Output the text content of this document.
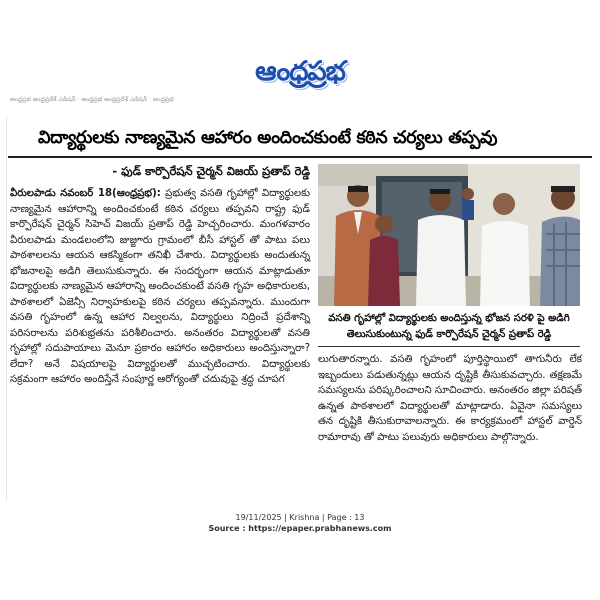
ఆంధ్రప్రభ
ఆంధ్రప్రభ ఆంధ్రప్రదేశ్ ఎడిషన్ · ఆంధ్రప్రభ ఆంధ్రప్రదేశ్ ఎడిషన్ · ఆంధ్రప్రభ
విద్యార్థులకు నాణ్యమైన ఆహారం అందించకుంటే కఠిన చర్యలు తప్పవు
- ఫుడ్ కార్పొరేషన్ చైర్మన్ విజయ్ ప్రతాప్ రెడ్డి

వీరులపాడు నవంబర్ 18(ఆంధ్రప్రభ): ప్రభుత్వ వసతి గృహాల్లో విద్యార్థులకు నాణ్యమైన ఆహారాన్ని అందించకుంటే కఠిన చర్యలు తప్పవని రాష్ట్ర ఫుడ్ కార్పొరేషన్ చైర్మన్ సిహెచ్ విజయ్ ప్రతాప్ రెడ్డి హెచ్చరించారు. మంగళవారం వీరులపాడు మండలంలోని జుజ్జూరు గ్రామంలో బీసీ హాస్టల్ తో పాటు పలు పాఠశాలలను ఆయన ఆకస్మికంగా తనిఖీ చేశారు. విద్యార్థులకు అందుతున్న భోజనాలపై అడిగి తెలుసుకున్నారు. ఈ సందర్భంగా ఆయన మాట్లాడుతూ విద్యార్థులకు నాణ్యమైన ఆహారాన్ని అందించకుంటే వసతి గృహ అధికారులకు, పాఠశాలలో ఏజెన్సీ నిర్వాహకులపై కఠిన చర్యలు తప్పవన్నారు. ముందుగా వసతి గృహంలో ఉన్న ఆహార నిల్వలను, విద్యార్థులు నిద్రించే ప్రదేశాన్ని పరిసరాలను పరిశుభ్రతను పరిశీలించారు. అనంతరం విద్యార్థులతో వసతి గృహాల్లో సదుపాయాలు మెనూ ప్రకారం ఆహారం అధికారులు అందిస్తున్నారా? లేదా? అనే విషయాలపై విద్యార్థులతో ముచ్చటించారు. విద్యార్థులకు సక్రమంగా ఆహారం అందిస్తేనే సంపూర్ణ ఆరోగ్యంతో చదువుపై శ్రద్ధ చూపగ

వసతి గృహాల్లో విద్యార్థులకు అందిస్తున్న భోజన సరళి పై అడిగి తెలుసుకుంటున్న ఫుడ్ కార్పొరేషన్ చైర్మన్ ప్రతాప్ రెడ్డి

లుగుతారన్నారు. వసతి గృహంలో పూర్తిస్థాయిలో తాగునీరు లేక ఇబ్బందులు పడుతున్నట్లు ఆయన దృష్టికి తీసుకువచ్చారు. తక్షణమే సమస్యలను పరిష్కరించాలని సూచించారు. అనంతరం జిల్లా పరిషత్ ఉన్నత పాఠశాలలో విద్యార్థులతో మాట్లాడారు. ఏవైనా సమస్యలు తన దృష్టికి తీసుకురావాలన్నారు. ఈ కార్యక్రమంలో హాస్టల్ వార్డెన్ రామారావు తో పాటు పలువురు అధికారులు పాల్గొన్నారు.

19/11/2025 | Krishna | Page : 13
Source : https://epaper.prabhanews.com
